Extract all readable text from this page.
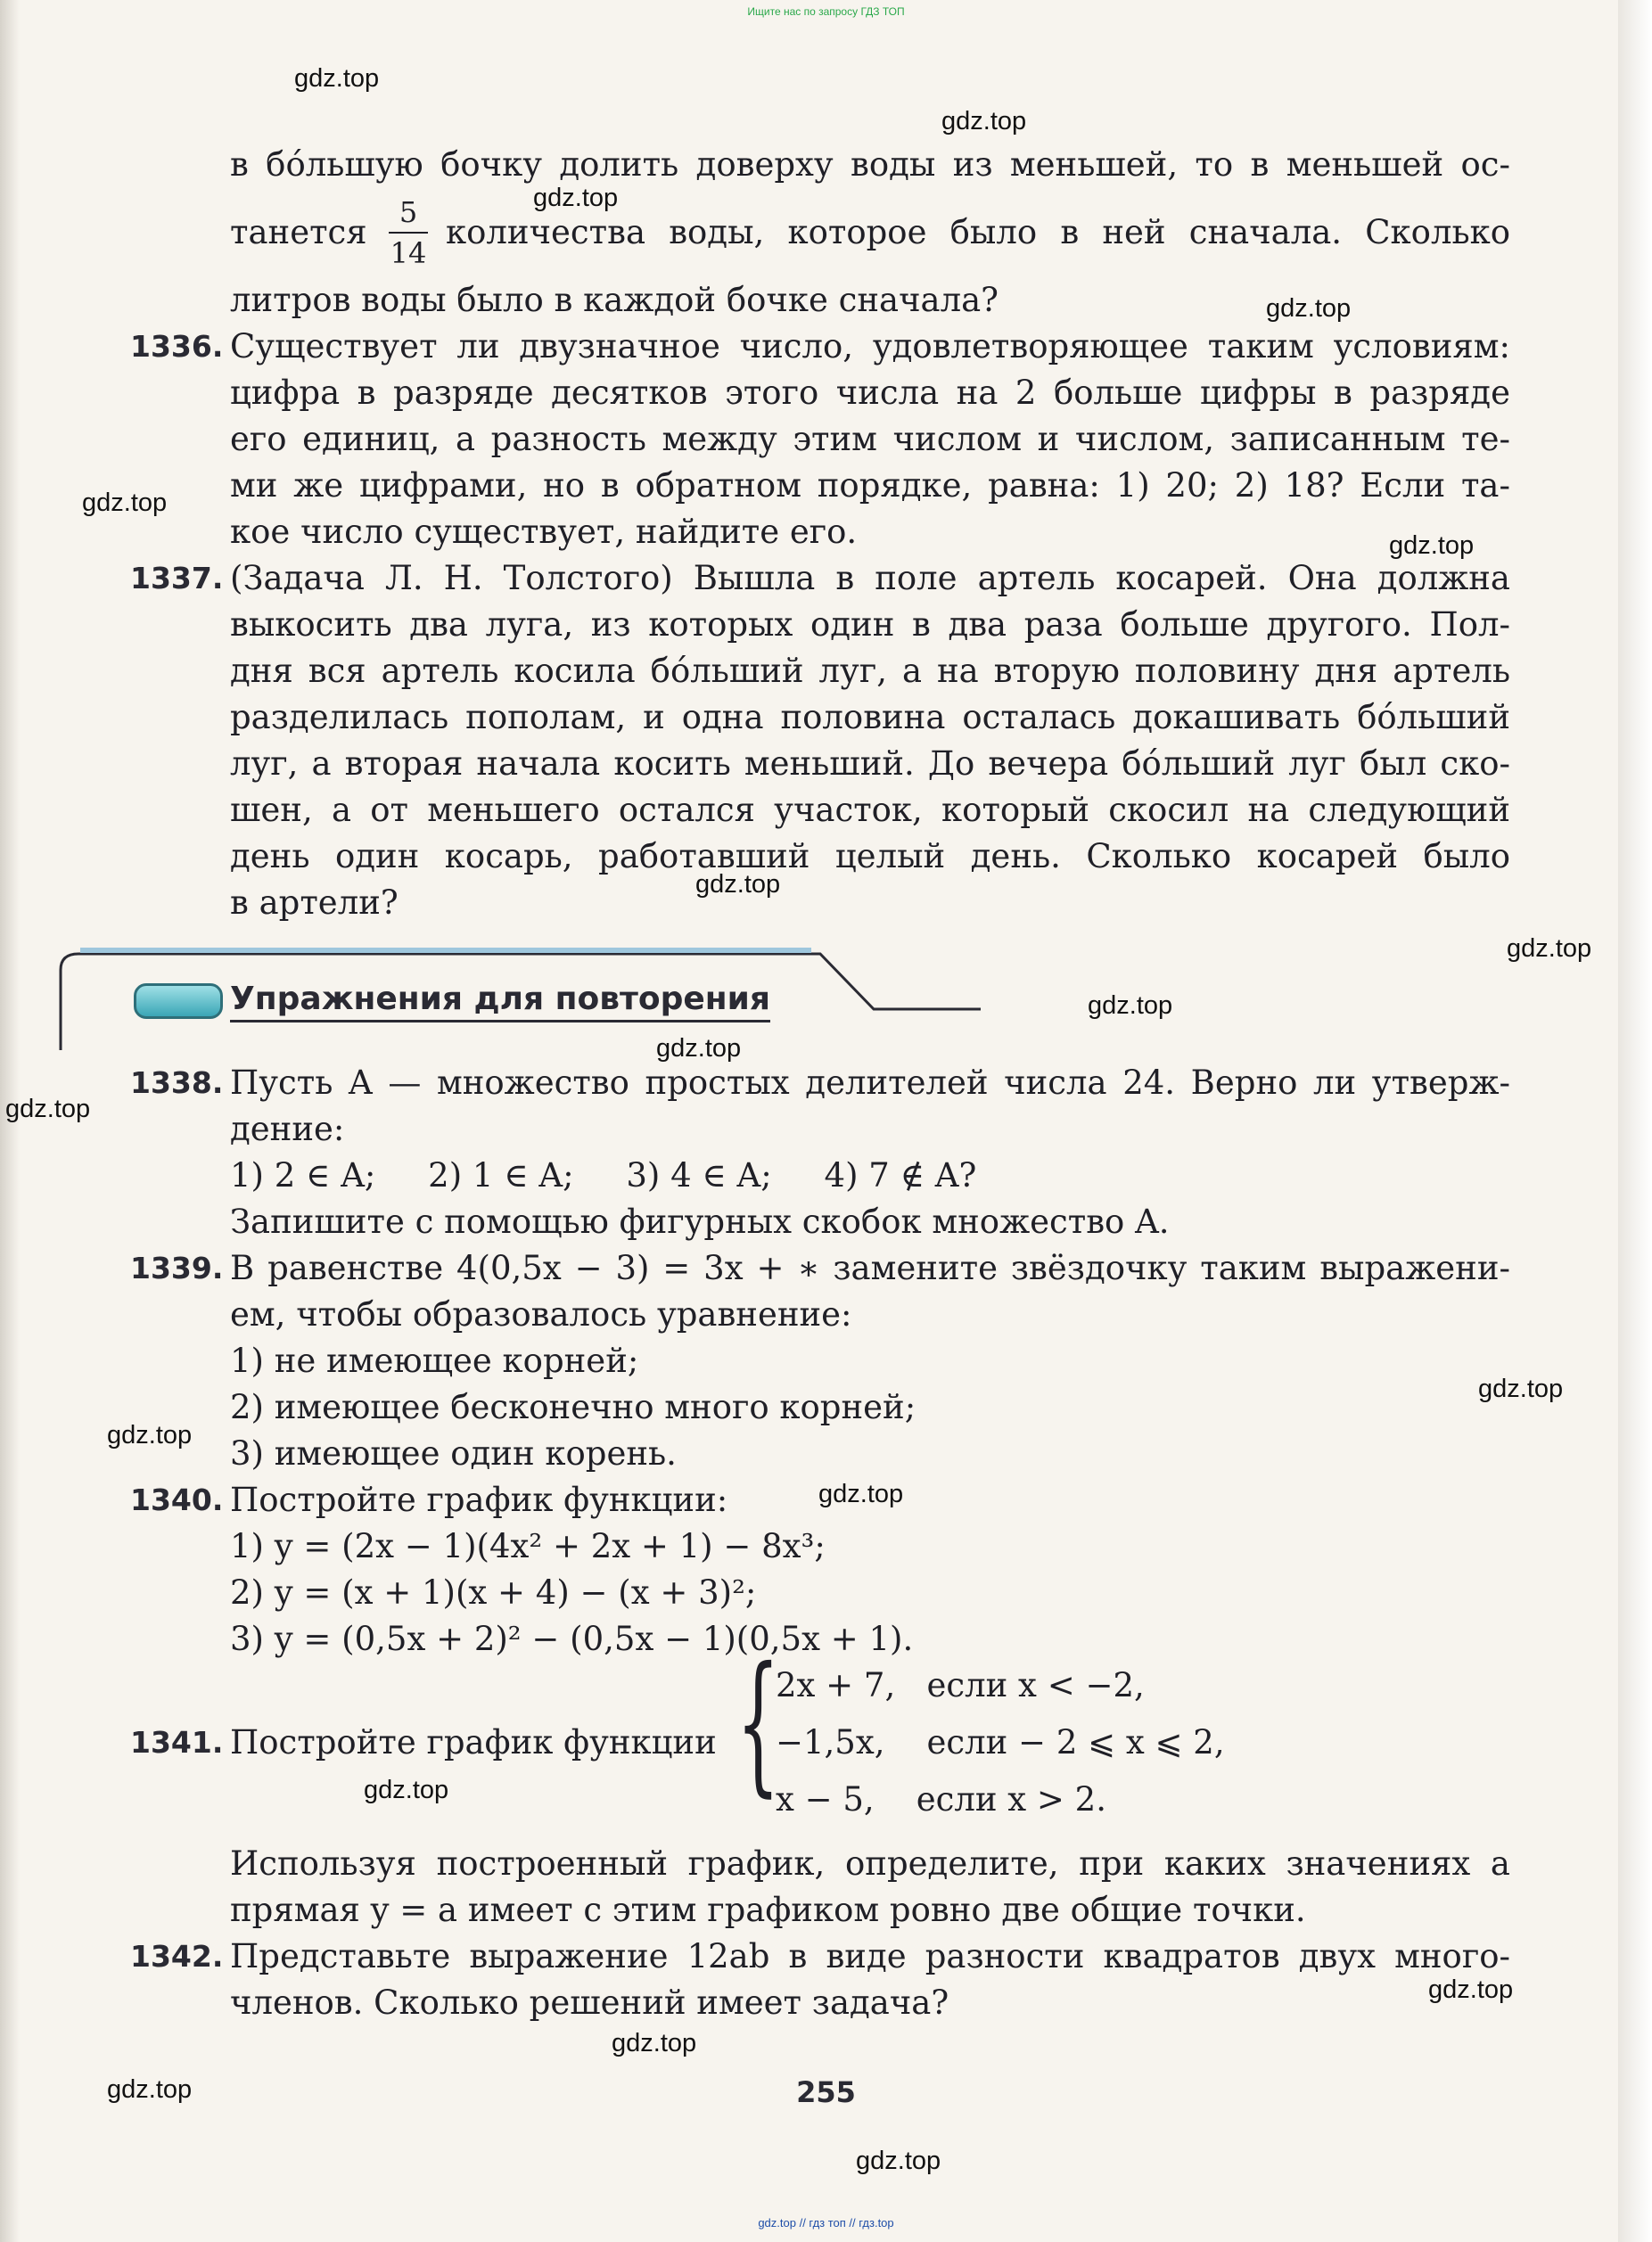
Ищите нас по запросу ГДЗ ТОП
gdz.top
gdz.top
gdz.top
gdz.top
gdz.top
gdz.top
gdz.top
gdz.top
gdz.top
gdz.top
gdz.top
gdz.top
gdz.top
gdz.top
gdz.top
gdz.top
gdz.top
gdz.top
gdz.top
в бóльшую бочку долить доверху воды из меньшей, то в меньшей ос-
танется
5
14
количества воды, которое было в ней сначала. Сколько
литров воды было в каждой бочке сначала?
1336. Существует ли двузначное число, удовлетворяющее таким условиям:
цифра в разряде десятков этого числа на 2 больше цифры в разряде
его единиц, а разность между этим числом и числом, записанным те-
ми же цифрами, но в обратном порядке, равна: 1) 20; 2) 18? Если та-
кое число существует, найдите его.
1337. (Задача Л. Н. Толстого) Вышла в поле артель косарей. Она должна
выкосить два луга, из которых один в два раза больше другого. Пол-
дня вся артель косила бóльший луг, а на вторую половину дня артель
разделилась пополам, и одна половина осталась докашивать бóльший
луг, а вторая начала косить меньший. До вечера бóльший луг был ско-
шен, а от меньшего остался участок, который скосил на следующий
день один косарь, работавший целый день. Сколько косарей было
в артели?
Упражнения для повторения
1338. Пусть A — множество простых делителей числа 24. Верно ли утверж-
дение:
1) 2 ∈ A;     2) 1 ∈ A;     3) 4 ∈ A;     4) 7 ∉ A?
Запишите с помощью фигурных скобок множество A.
1339. В равенстве 4(0,5x − 3) = 3x + ∗ замените звёздочку таким выражени-
ем, чтобы образовалось уравнение:
1) не имеющее корней;
2) имеющее бесконечно много корней;
3) имеющее один корень.
1340. Постройте график функции:
1) y = (2x − 1)(4x² + 2x + 1) − 8x³;
2) y = (x + 1)(x + 4) − (x + 3)²;
3) y = (0,5x + 2)² − (0,5x − 1)(0,5x + 1).
1341. Постройте график функции {
2x + 7,   если x < −2,
−1,5x,    если − 2 ⩽ x ⩽ 2,
x − 5,    если x > 2.
Используя построенный график, определите, при каких значениях a
прямая y = a имеет с этим графиком ровно две общие точки.
1342. Представьте выражение 12ab в виде разности квадратов двух много-
членов. Сколько решений имеет задача?
255
gdz.top // гдз топ // гдз.top
